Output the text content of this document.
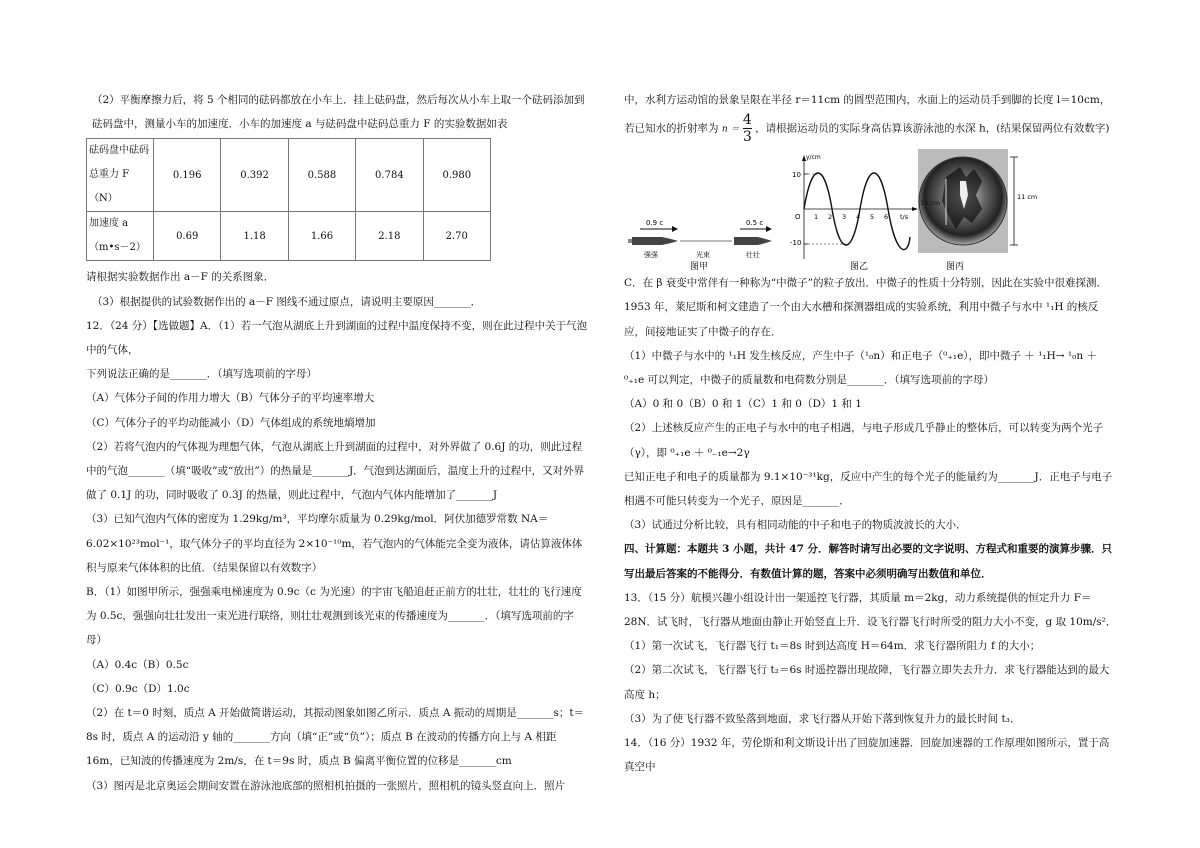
（2）平衡摩擦力后，将 5 个相同的砝码都放在小车上．挂上砝码盘，然后每次从小车上取一个砝码添加到砝码盘中，测量小车的加速度．小车的加速度 a 与砝码盘中砝码总重力 F 的实验数据如表

砝码盘中砝码总重力 F（N）	0.196	0.392	0.588	0.784	0.980
加速度 a（m•s－2）	0.69	1.18	1.66	2.18	2.70

请根据实验数据作出 a－F 的关系图象．

（3）根据提供的试验数据作出的 a－F 图线不通过原点，请说明主要原因_______．

12．（24 分）【选做题】A．（1）若一气泡从湖底上升到湖面的过程中温度保持不变，则在此过程中关于气泡中的气体，

下列说法正确的是_______．（填写选项前的字母）

（A）气体分子间的作用力增大（B）气体分子的平均速率增大

（C）气体分子的平均动能减小（D）气体组成的系统地熵增加

（2）若将气泡内的气体视为理想气体，气泡从湖底上升到湖面的过程中，对外界做了 0.6J 的功，则此过程中的气泡_______（填“吸收”或“放出”）的热量是_______J．气泡到达湖面后，温度上升的过程中，又对外界做了 0.1J 的功，同时吸收了 0.3J 的热量，则此过程中，气泡内气体内能增加了_______J

（3）已知气泡内气体的密度为 1.29kg/m³，平均摩尔质量为 0.29kg/mol．阿伏加德罗常数 NA＝6.02×10²³mol⁻¹，取气体分子的平均直径为 2×10⁻¹⁰m，若气泡内的气体能完全变为液体，请估算液体体积与原来气体体积的比值．（结果保留以有效数字）

B．（1）如图甲所示，强强乘电梯速度为 0.9c（c 为光速）的宇宙飞船追赶正前方的壮壮，壮壮的飞行速度为 0.5c，强强向壮壮发出一束光进行联络，则壮壮观测到该光束的传播速度为_______．（填写选项前的字母）

（A）0.4c（B）0.5c

（C）0.9c（D）1.0c

（2）在 t＝0 时刻，质点 A 开始做简谐运动，其振动图象如图乙所示．质点 A 振动的周期是_______s；t＝8s 时，质点 A 的运动沿 y 轴的_______方向（填“正”或“负”）；质点 B 在波动的传播方向上与 A 相距 16m，已知波的传播速度为 2m/s，在 t＝9s 时，质点 B 偏离平衡位置的位移是_______cm

（3）图丙是北京奥运会期间安置在游泳池底部的照相机拍摄的一张照片，照相机的镜头竖直向上．照片

中，水利方运动馆的景象呈限在半径 r＝11cm 的圆型范围内，水面上的运动员手到脚的长度 l＝10cm，若已知水的折射率为 $n = \frac{4}{3}$ ，请根据运动员的实际身高估算该游泳池的水深 h，(结果保留两位有效数字)

0.9 c
强强	光束
0.5 c
壮壮
图甲
y/cm
10
-10
O 1 2 3 4 5 6 t/s
图乙
11 cm
10 cm
图丙

C．在 β 衰变中常伴有一种称为“中微子”的粒子放出．中微子的性质十分特别，因此在实验中很难探测．1953 年，莱尼斯和柯文建造了一个由大水槽和探测器组成的实验系统，利用中微子与水中 ¹₁H 的核反应，间接地证实了中微子的存在．

（1）中微子与水中的 ¹₁H 发生核反应，产生中子（¹₀n）和正电子（⁰₊₁e），即中微子 ＋ ¹₁H→ ¹₀n ＋ ⁰₊₁e 可以判定，中微子的质量数和电荷数分别是_______．（填写选项前的字母）

（A）0 和 0（B）0 和 1（C）1 和 0（D）1 和 1

（2）上述核反应产生的正电子与水中的电子相遇，与电子形成几乎静止的整体后，可以转变为两个光子（γ），即 ⁰₊₁e ＋ ⁰₋₁e→2γ

已知正电子和电子的质量都为 9.1×10⁻³¹kg，反应中产生的每个光子的能量约为_______J．正电子与电子相遇不可能只转变为一个光子，原因是_______．

（3）试通过分析比较，具有相同动能的中子和电子的物质波波长的大小．

四、计算题：本题共 3 小题，共计 47 分．解答时请写出必要的文字说明、方程式和重要的演算步骤．只写出最后答案的不能得分．有数值计算的题，答案中必须明确写出数值和单位．

13．（15 分）航模兴趣小组设计出一架遥控飞行器，其质量 m＝2kg，动力系统提供的恒定升力 F＝28N．试飞时，飞行器从地面由静止开始竖直上升．设飞行器飞行时所受的阻力大小不变，g 取 10m/s²．

（1）第一次试飞，飞行器飞行 t₁＝8s 时到达高度 H＝64m．求飞行器所阻力 f 的大小；

（2）第二次试飞，飞行器飞行 t₂＝6s 时遥控器出现故障，飞行器立即失去升力．求飞行器能达到的最大高度 h；

（3）为了使飞行器不致坠落到地面，求飞行器从开始下落到恢复升力的最长时间 t₃．

14．（16 分）1932 年，劳伦斯和利文斯设计出了回旋加速器．回旋加速器的工作原理如图所示，置于高真空中
